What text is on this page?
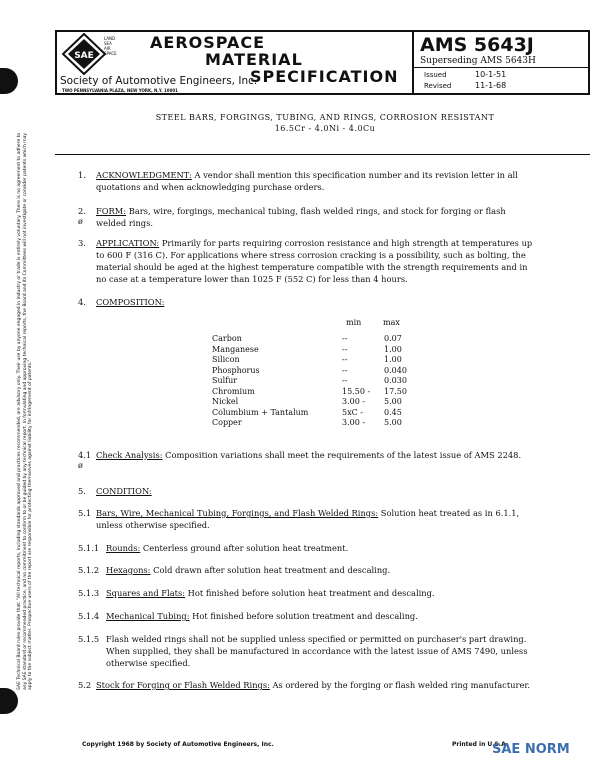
SAE Technical Board rules provide that: "All technical reports, including standards approved and practices recommended, are advisory only. Their use by anyone engaged in industry or trade is entirely voluntary. There is no agreement to adhere to any SAE standard or recommended practice, and no commitment to conform to or be guided by any technical report. In formulating and approving technical reports, the Board and its Committees will not investigate or consider patents which may apply to the subject matter. Prospective users of the report are responsible for protecting themselves against liability for infringement of patents."
SAE
LAND
SEA
AIR
SPACE
AEROSPACE
MATERIAL
SPECIFICATION
Society of Automotive Engineers, Inc.
TWO PENNSYLVANIA PLAZA, NEW YORK, N.Y. 10001
AMS 5643J
Superseding AMS 5643H
Issued	10-1-51
Revised	11-1-68
STEEL BARS, FORGINGS, TUBING, AND RINGS, CORROSION RESISTANT
16.5Cr - 4.0Ni - 4.0Cu
1. ACKNOWLEDGMENT: A vendor shall mention this specification number and its revision letter in all quotations and when acknowledging purchase orders.
ø
2. FORM: Bars, wire, forgings, mechanical tubing, flash welded rings, and stock for forging or flash welded rings.
3. APPLICATION: Primarily for parts requiring corrosion resistance and high strength at temperatures up to 600 F (316 C). For applications where stress corrosion cracking is a possibility, such as bolting, the material should be aged at the highest temperature compatible with the strength requirements and in no case at a temperature lower than 1025 F (552 C) for less than 4 hours.
4. COMPOSITION:
min	max
Carbon	--	0.07
Manganese	--	1.00
Silicon	--	1.00
Phosphorus	--	0.040
Sulfur	--	0.030
Chromium	15.50 - 17.50
Nickel	3.00 - 5.00
Columbium + Tantalum	5xC -	0.45
Copper	3.00 - 5.00
ø
4.1 Check Analysis: Composition variations shall meet the requirements of the latest issue of AMS 2248.
5. CONDITION:
5.1 Bars, Wire, Mechanical Tubing, Forgings, and Flash Welded Rings: Solution heat treated as in 6.1.1, unless otherwise specified.
5.1.1 Rounds: Centerless ground after solution heat treatment.
5.1.2 Hexagons: Cold drawn after solution heat treatment and descaling.
5.1.3 Squares and Flats: Hot finished before solution heat treatment and descaling.
5.1.4 Mechanical Tubing: Hot finished before solution treatment and descaling.
5.1.5 Flash welded rings shall not be supplied unless specified or permitted on purchaser's part drawing. When supplied, they shall be manufactured in accordance with the latest issue of AMS 7490, unless otherwise specified.
5.2 Stock for Forging or Flash Welded Rings: As ordered by the forging or flash welded ring manufacturer.
Copyright 1968 by Society of Automotive Engineers, Inc.	Printed in U.S.A.
SAE NORM
